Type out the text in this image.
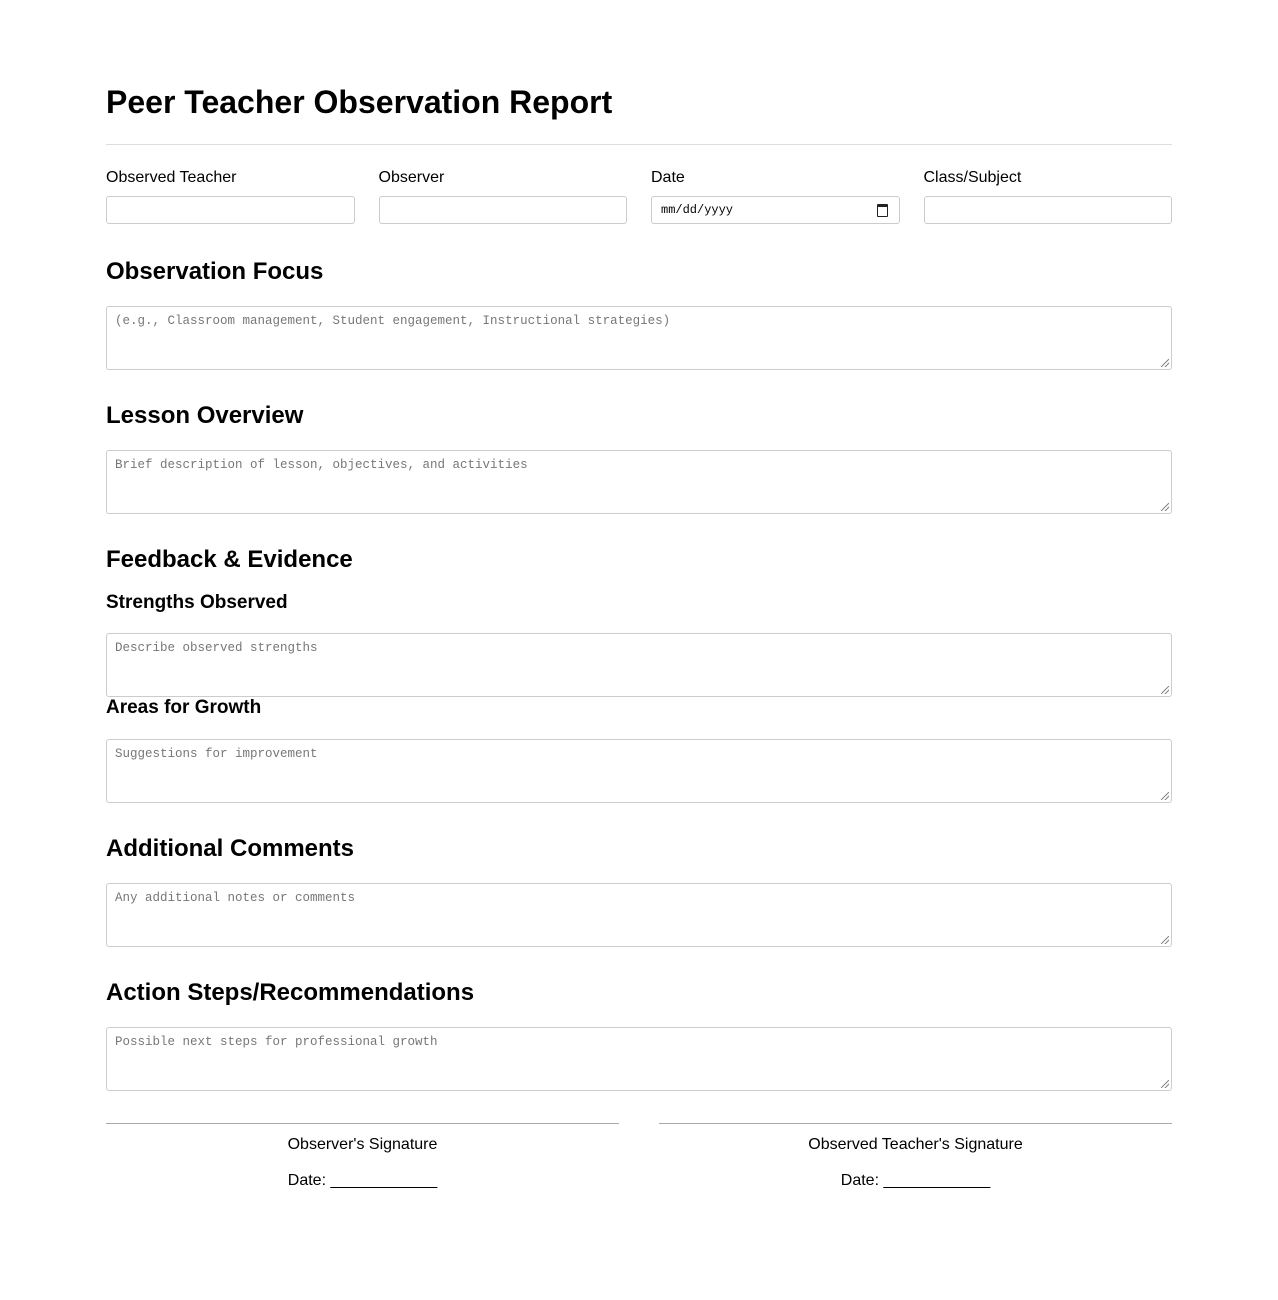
Peer Teacher Observation Report
Observed Teacher	Observer	Date
mm/dd/yyyy
Class/Subject
Observation Focus
(e.g., Classroom management, Student engagement, Instructional strategies)
Lesson Overview
Brief description of lesson, objectives, and activities
Feedback & Evidence
Strengths Observed
Describe observed strengths
Areas for Growth
Suggestions for improvement
Additional Comments
Any additional notes or comments
Action Steps/Recommendations
Possible next steps for professional growth
Observer's Signature
Date: ____________
Observed Teacher's Signature
Date: ____________
